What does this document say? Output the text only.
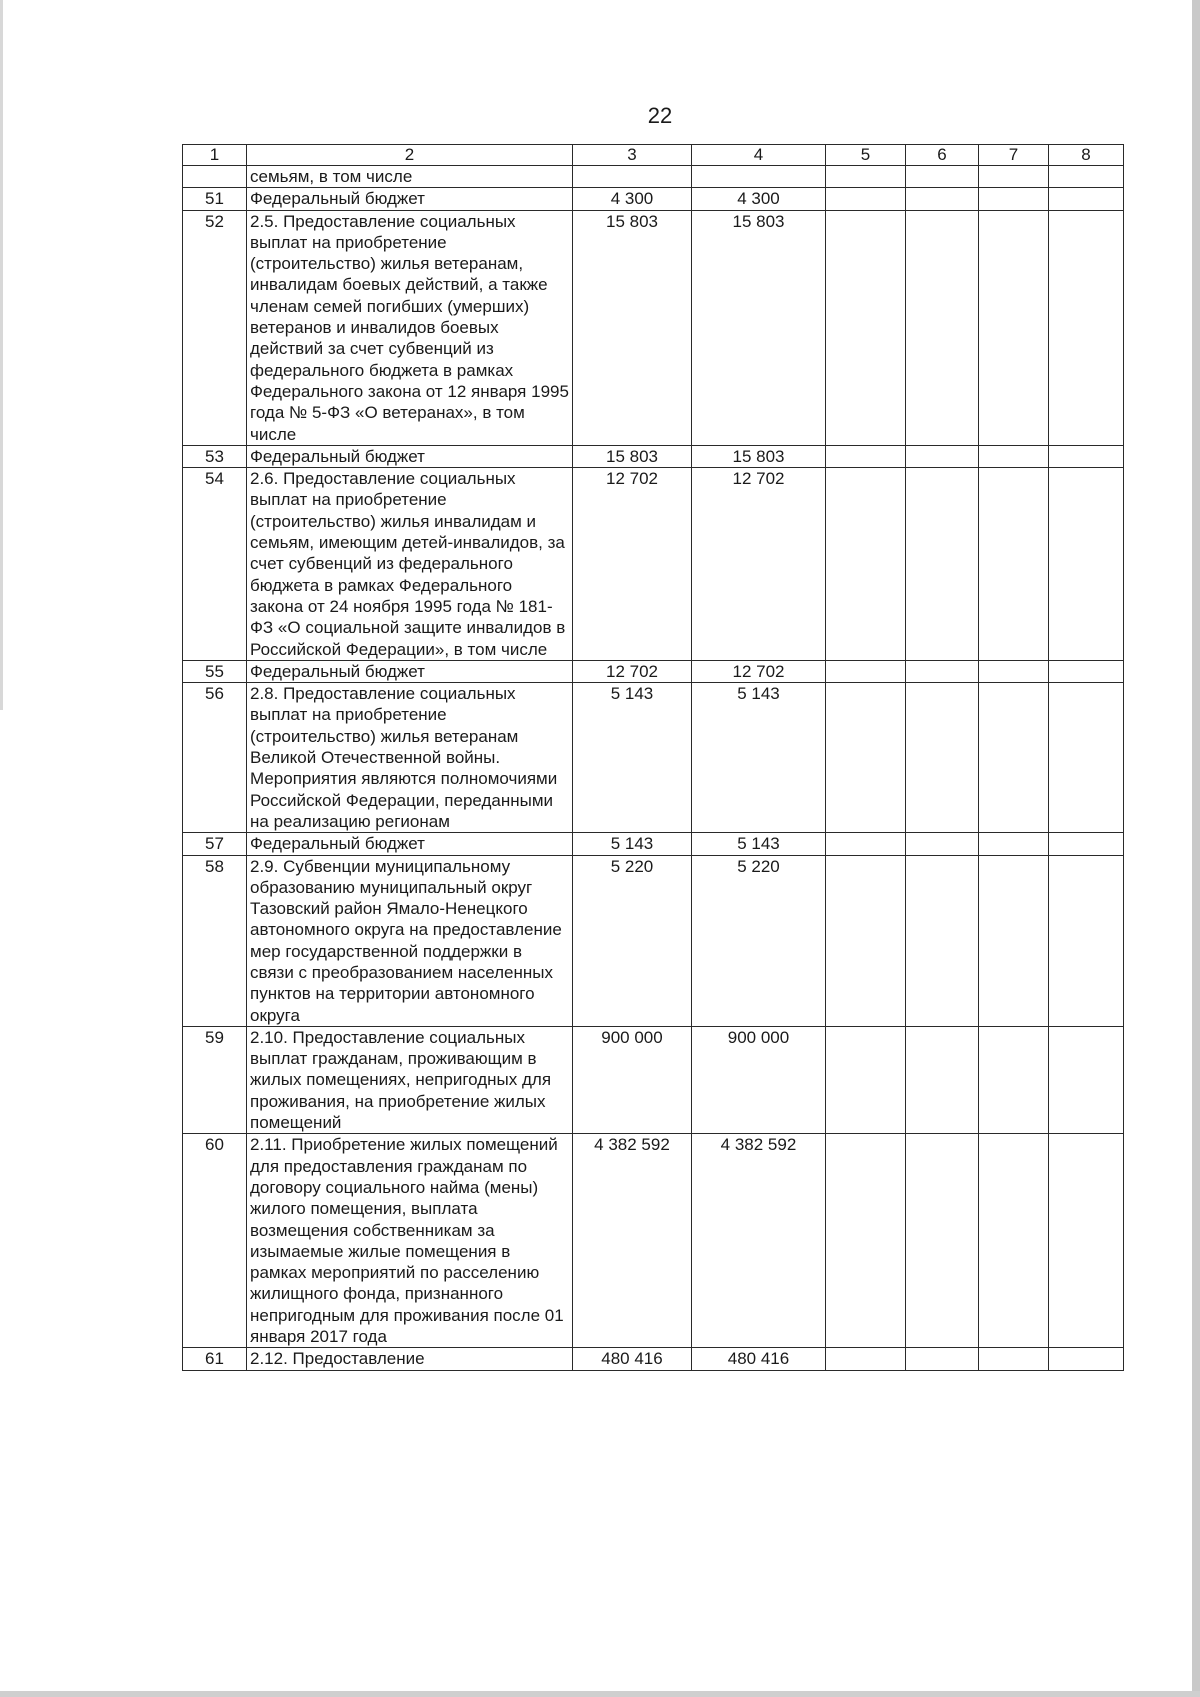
22
1	2	3	4	5	6	7	8
	семьям, в том числе						
51	Федеральный бюджет	4 300	4 300				
52	2.5. Предоставление социальных выплат на приобретение (строительство) жилья ветеранам, инвалидам боевых действий, а также членам семей погибших (умерших) ветеранов и инвалидов боевых действий за счет субвенций из федерального бюджета в рамках Федерального закона от 12 января 1995 года № 5-ФЗ «О ветеранах», в том числе	15 803	15 803				
53	Федеральный бюджет	15 803	15 803				
54	2.6. Предоставление социальных выплат на приобретение (строительство) жилья инвалидам и семьям, имеющим детей-инвалидов, за счет субвенций из федерального бюджета в рамках Федерального закона от 24 ноября 1995 года № 181-ФЗ «О социальной защите инвалидов в Российской Федерации», в том числе	12 702	12 702				
55	Федеральный бюджет	12 702	12 702				
56	2.8. Предоставление социальных выплат на приобретение (строительство) жилья ветеранам Великой Отечественной войны. Мероприятия являются полномочиями Российской Федерации, переданными на реализацию регионам	5 143	5 143				
57	Федеральный бюджет	5 143	5 143				
58	2.9. Субвенции муниципальному образованию муниципальный округ Тазовский район Ямало-Ненецкого автономного округа на предоставление мер государственной поддержки в связи с преобразованием населенных пунктов на территории автономного округа	5 220	5 220				
59	2.10. Предоставление социальных выплат гражданам, проживающим в жилых помещениях, непригодных для проживания, на приобретение жилых помещений	900 000	900 000				
60	2.11. Приобретение жилых помещений для предоставления гражданам по договору социального найма (мены) жилого помещения, выплата возмещения собственникам за изымаемые жилые помещения в рамках мероприятий по расселению жилищного фонда, признанного непригодным для проживания после 01 января 2017 года	4 382 592	4 382 592				
61	2.12. Предоставление	480 416	480 416				
